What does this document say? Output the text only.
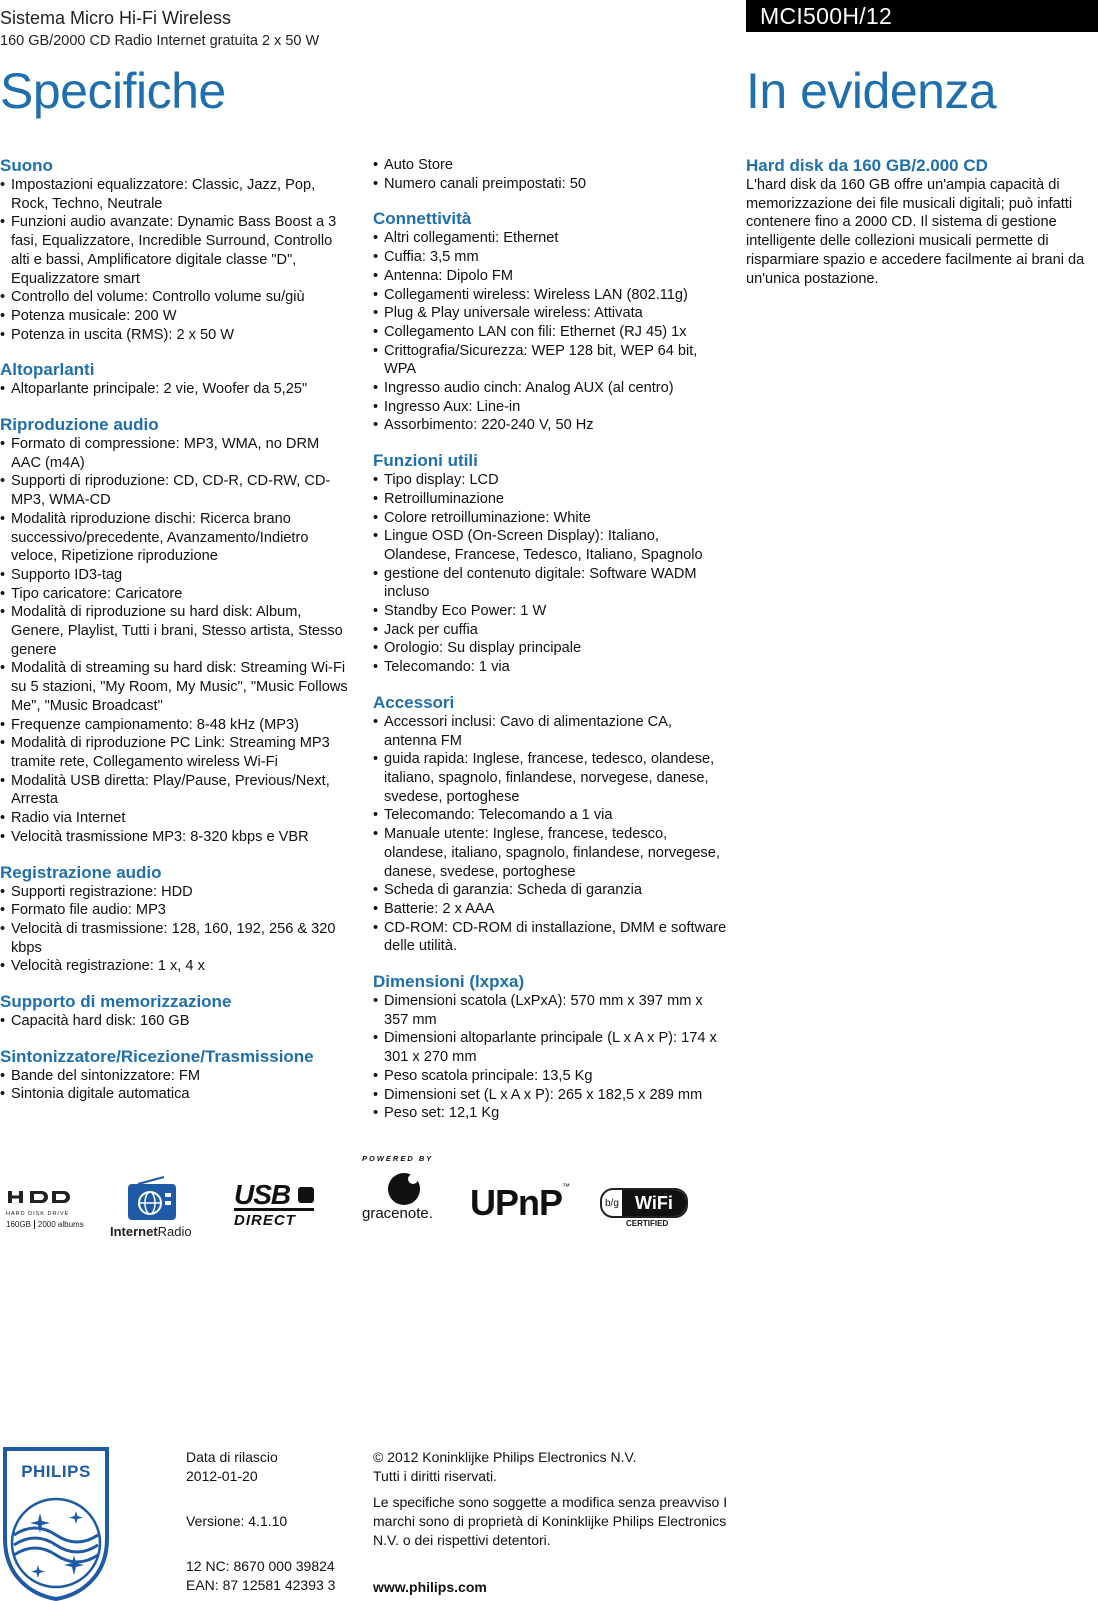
Sistema Micro Hi-Fi Wireless
160 GB/2000 CD Radio Internet gratuita 2 x 50 W
MCI500H/12
Specifiche	In evidenza
Suono
• Impostazioni equalizzatore: Classic, Jazz, Pop, Rock, Techno, Neutrale
• Funzioni audio avanzate: Dynamic Bass Boost a 3 fasi, Equalizzatore, Incredible Surround, Controllo alti e bassi, Amplificatore digitale classe "D", Equalizzatore smart
• Controllo del volume: Controllo volume su/giù
• Potenza musicale: 200 W
• Potenza in uscita (RMS): 2 x 50 W
Altoparlanti
• Altoparlante principale: 2 vie, Woofer da 5,25"
Riproduzione audio
• Formato di compressione: MP3, WMA, no DRM AAC (m4A)
• Supporti di riproduzione: CD, CD-R, CD-RW, CD-MP3, WMA-CD
• Modalità riproduzione dischi: Ricerca brano successivo/precedente, Avanzamento/Indietro veloce, Ripetizione riproduzione
• Supporto ID3-tag
• Tipo caricatore: Caricatore
• Modalità di riproduzione su hard disk: Album, Genere, Playlist, Tutti i brani, Stesso artista, Stesso genere
• Modalità di streaming su hard disk: Streaming Wi-Fi su 5 stazioni, "My Room, My Music", "Music Follows Me", "Music Broadcast"
• Frequenze campionamento: 8-48 kHz (MP3)
• Modalità di riproduzione PC Link: Streaming MP3 tramite rete, Collegamento wireless Wi-Fi
• Modalità USB diretta: Play/Pause, Previous/Next, Arresta
• Radio via Internet
• Velocità trasmissione MP3: 8-320 kbps e VBR
Registrazione audio
• Supporti registrazione: HDD
• Formato file audio: MP3
• Velocità di trasmissione: 128, 160, 192, 256 & 320 kbps
• Velocità registrazione: 1 x, 4 x
Supporto di memorizzazione
• Capacità hard disk: 160 GB
Sintonizzatore/Ricezione/Trasmissione
• Bande del sintonizzatore: FM
• Sintonia digitale automatica
• Auto Store
• Numero canali preimpostati: 50
Connettività
• Altri collegamenti: Ethernet
• Cuffia: 3,5 mm
• Antenna: Dipolo FM
• Collegamenti wireless: Wireless LAN (802.11g)
• Plug & Play universale wireless: Attivata
• Collegamento LAN con fili: Ethernet (RJ 45) 1x
• Crittografia/Sicurezza: WEP 128 bit, WEP 64 bit, WPA
• Ingresso audio cinch: Analog AUX (al centro)
• Ingresso Aux: Line-in
• Assorbimento: 220-240 V, 50 Hz
Funzioni utili
• Tipo display: LCD
• Retroilluminazione
• Colore retroilluminazione: White
• Lingue OSD (On-Screen Display): Italiano, Olandese, Francese, Tedesco, Italiano, Spagnolo
• gestione del contenuto digitale: Software WADM incluso
• Standby Eco Power: 1 W
• Jack per cuffia
• Orologio: Su display principale
• Telecomando: 1 via
Accessori
• Accessori inclusi: Cavo di alimentazione CA, antenna FM
• guida rapida: Inglese, francese, tedesco, olandese, italiano, spagnolo, finlandese, norvegese, danese, svedese, portoghese
• Telecomando: Telecomando a 1 via
• Manuale utente: Inglese, francese, tedesco, olandese, italiano, spagnolo, finlandese, norvegese, danese, svedese, portoghese
• Scheda di garanzia: Scheda di garanzia
• Batterie: 2 x AAA
• CD-ROM: CD-ROM di installazione, DMM e software delle utilità.
Dimensioni (lxpxa)
• Dimensioni scatola (LxPxA): 570 mm x 397 mm x 357 mm
• Dimensioni altoparlante principale (L x A x P): 174 x 301 x 270 mm
• Peso scatola principale: 13,5 Kg
• Dimensioni set (L x A x P): 265 x 182,5 x 289 mm
• Peso set: 12,1 Kg
Hard disk da 160 GB/2.000 CD

L'hard disk da 160 GB offre un'ampia capacità di memorizzazione dei file musicali digitali; può infatti contenere fino a 2000 CD. Il sistema di gestione intelligente delle collezioni musicali permette di risparmiare spazio e accedere facilmente ai brani da un'unica postazione.

HARD DISK DRIVE
160GB 2000 albums InternetRadio
USB
DIRECT
POWERED BY
gracenote.	UPnP™
b/g WiFi
CERTIFIED
PHILIPS

Data di rilascio

2012-01-20

Versione: 4.1.10

12 NC: 8670 000 39824

EAN: 87 12581 42393 3

© 2012 Koninklijke Philips Electronics N.V.

Tutti i diritti riservati.

Le specifiche sono soggette a modifica senza preavviso I marchi sono di proprietà di Koninklijke Philips Electronics N.V. o dei rispettivi detentori.

www.philips.com
